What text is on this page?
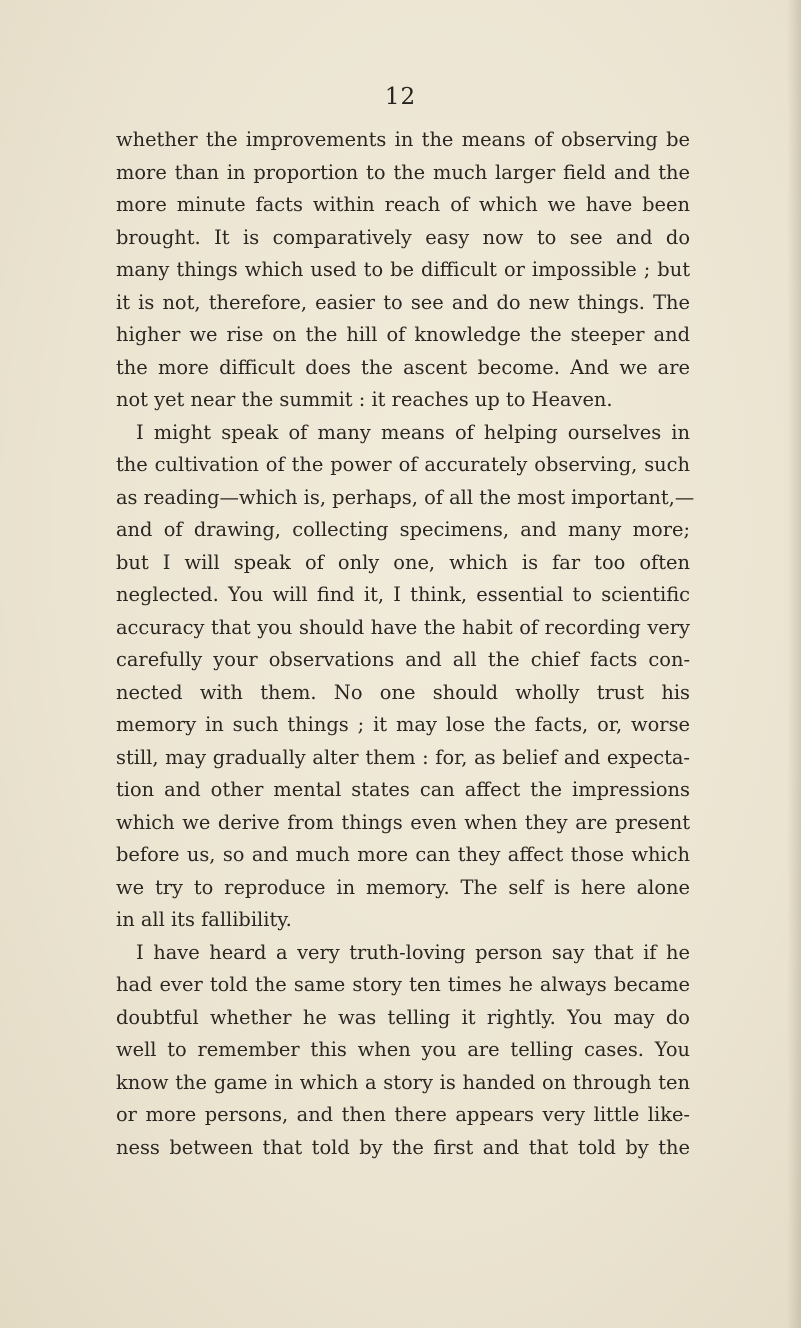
12
whether the improvements in the means of observing be
more than in proportion to the much larger field and the
more minute facts within reach of which we have been
brought. It is comparatively easy now to see and do
many things which used to be difficult or impossible ; but
it is not, therefore, easier to see and do new things. The
higher we rise on the hill of knowledge the steeper and
the more difficult does the ascent become. And we are
not yet near the summit : it reaches up to Heaven.
I might speak of many means of helping ourselves in
the cultivation of the power of accurately observing, such
as reading—which is, perhaps, of all the most important,—
and of drawing, collecting specimens, and many more;
but I will speak of only one, which is far too often
neglected. You will find it, I think, essential to scientific
accuracy that you should have the habit of recording very
carefully your observations and all the chief facts con-
nected with them. No one should wholly trust his
memory in such things ; it may lose the facts, or, worse
still, may gradually alter them : for, as belief and expecta-
tion and other mental states can affect the impressions
which we derive from things even when they are present
before us, so and much more can they affect those which
we try to reproduce in memory. The self is here alone
in all its fallibility.
I have heard a very truth-loving person say that if he
had ever told the same story ten times he always became
doubtful whether he was telling it rightly. You may do
well to remember this when you are telling cases. You
know the game in which a story is handed on through ten
or more persons, and then there appears very little like-
ness between that told by the first and that told by the
